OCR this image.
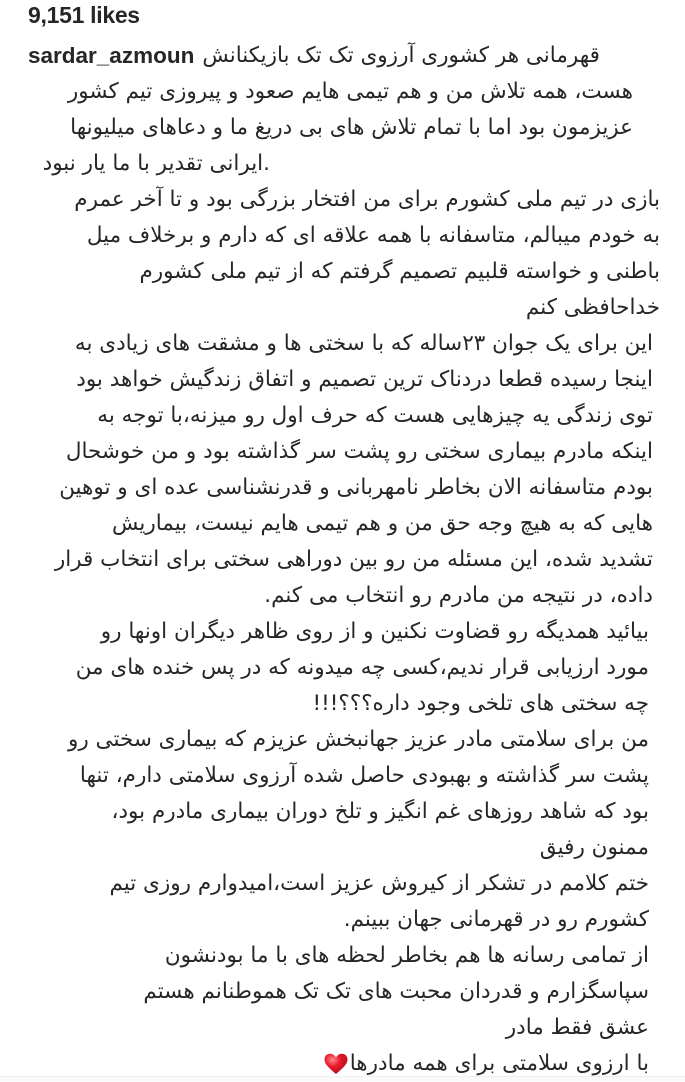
9,151 likes
sardar_azmoun قهرمانی هر کشوری آرزوی تک تک بازیکنانش
هست، همه تلاش من و هم تیمی هایم صعود و پیروزی تیم کشور
عزیزمون بود اما با تمام تلاش های بی دریغ ما و دعاهای میلیونها
.ایرانی تقدیر با ما یار نبود
بازی در تیم ملی کشورم برای من افتخار بزرگی بود و تا آخر عمرم
به خودم میبالم، متاسفانه با همه علاقه ای که دارم و برخلاف میل
باطنی و خواسته قلبیم تصمیم گرفتم که از تیم ملی کشورم
خداحافظی کنم
این برای یک جوان ۲۳ساله که با سختی ها و مشقت های زیادی به
اینجا رسیده قطعا دردناک ترین تصمیم و اتفاق زندگیش خواهد بود
توی زندگی یه چیزهایی هست که حرف اول رو میزنه،با توجه به
اینکه مادرم بیماری سختی رو پشت سر گذاشته بود و من خوشحال
بودم متاسفانه الان بخاطر نامهربانی و قدرنشناسی عده ای و توهین
هایی که به هیچ وجه حق من و هم تیمی هایم نیست، بیماریش
تشدید شده، این مسئله من رو بین دوراهی سختی برای انتخاب قرار
داده، در نتیجه من مادرم رو انتخاب می کنم.
بیائید همدیگه رو قضاوت نکنین و از روی ظاهر دیگران اونها رو
مورد ارزیابی قرار ندیم،کسی چه میدونه که در پس خنده های من
چه سختی های تلخی وجود داره؟؟؟!!!
من برای سلامتی مادر عزیز جهانبخش عزیزم که بیماری سختی رو
پشت سر گذاشته و بهبودی حاصل شده آرزوی سلامتی دارم، تنها
بود که شاهد روزهای غم انگیز و تلخ دوران بیماری مادرم بود،
ممنون رفیق
ختم کلامم در تشکر از کیروش عزیز است،امیدوارم روزی تیم
کشورم رو در قهرمانی جهان ببینم.
از تمامی رسانه ها هم بخاطر لحظه های با ما بودنشون
سپاسگزارم و قدردان محبت های تک تک هموطنانم هستم
عشق فقط مادر
با ارزوی سلامتی برای همه مادرها
